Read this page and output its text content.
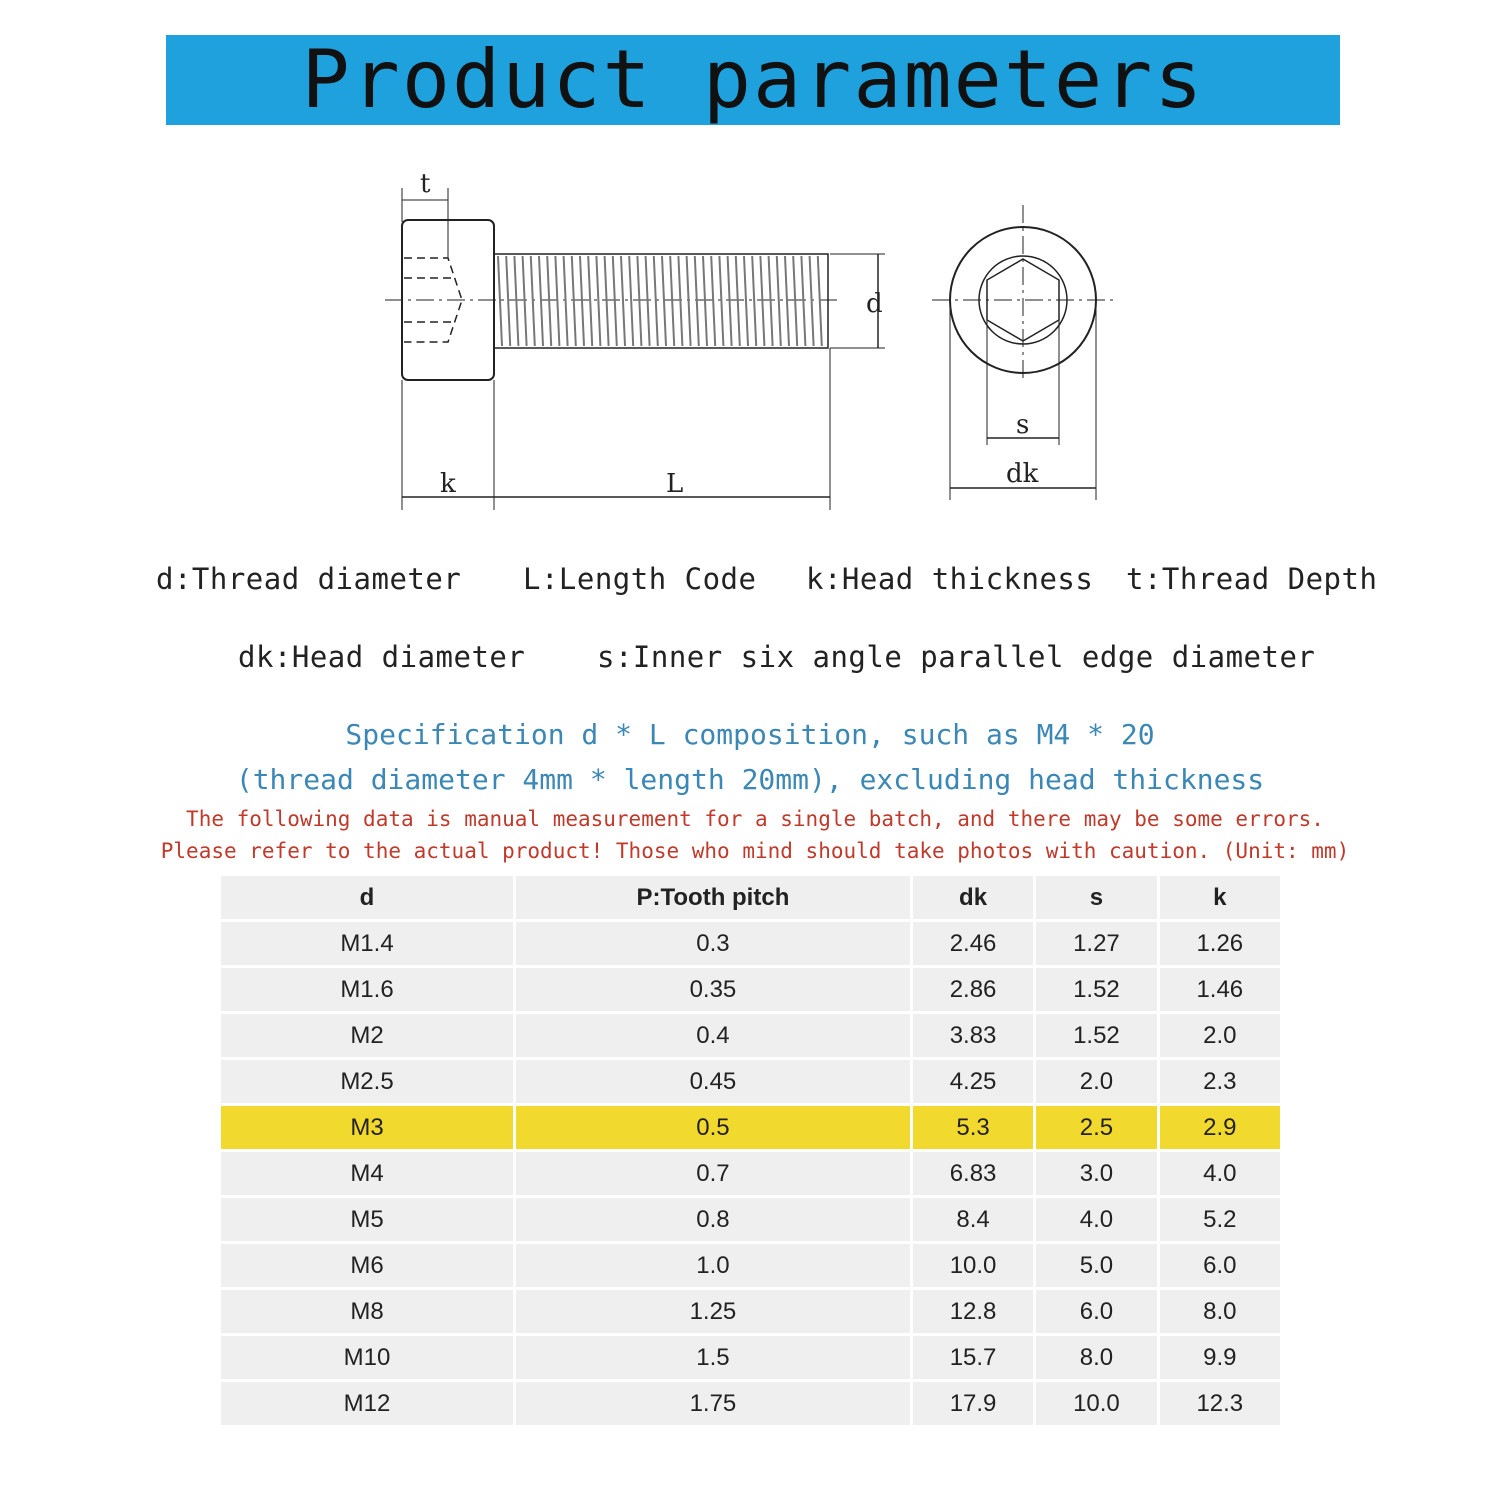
Product parameters
t
d
k	L
s
dk
d:Thread diameter L:Length Code k:Head thickness t:Thread Depth
dk:Head diameter s:Inner six angle parallel edge diameter
Specification d * L composition, such as M4 * 20
(thread diameter 4mm * length 20mm), excluding head thickness
The following data is manual measurement for a single batch, and there may be some errors.
Please refer to the actual product! Those who mind should take photos with caution. (Unit: mm)
d	P:Tooth pitch	dk	s	k
M1.4	0.3	2.46	1.27	1.26
M1.6	0.35	2.86	1.52	1.46
M2	0.4	3.83	1.52	2.0
M2.5	0.45	4.25	2.0	2.3
M3	0.5	5.3	2.5	2.9
M4	0.7	6.83	3.0	4.0
M5	0.8	8.4	4.0	5.2
M6	1.0	10.0	5.0	6.0
M8	1.25	12.8	6.0	8.0
M10	1.5	15.7	8.0	9.9
M12	1.75	17.9	10.0	12.3
